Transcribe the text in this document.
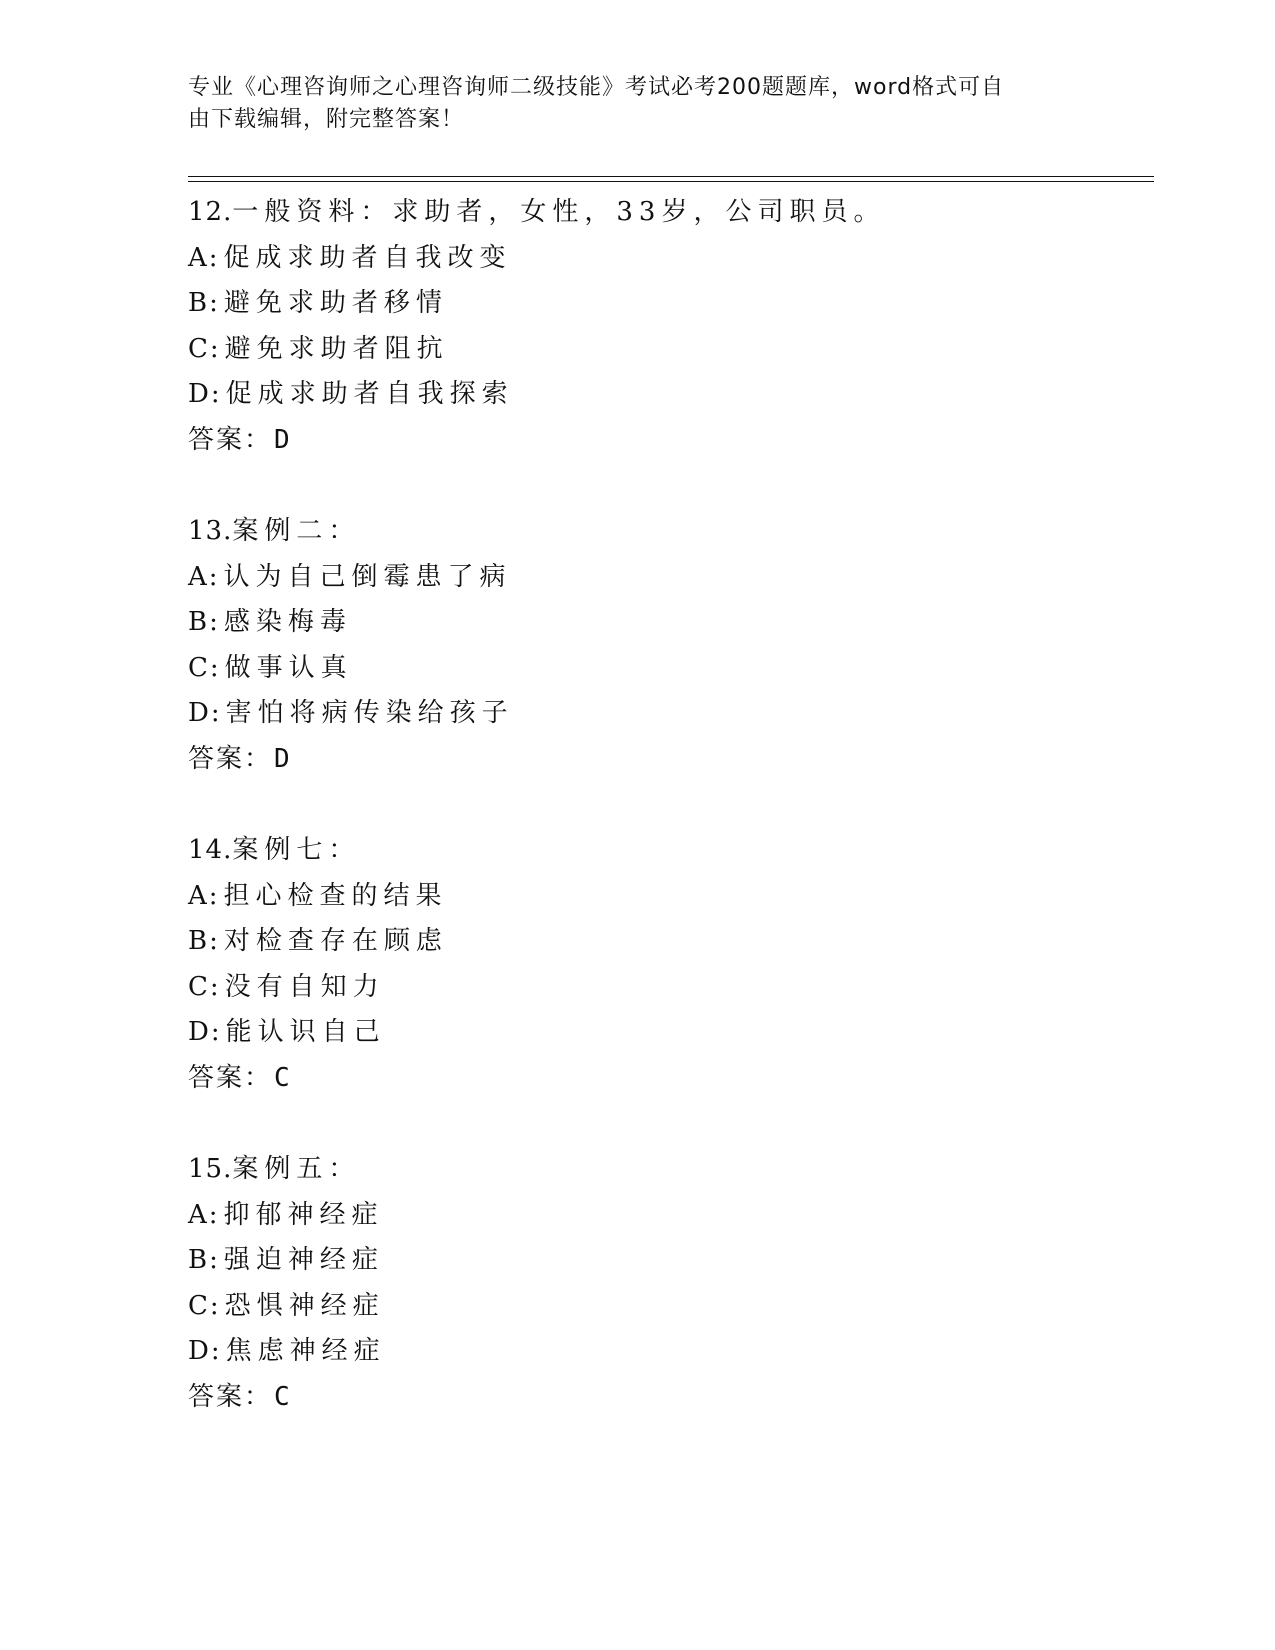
专业《心理咨询师之心理咨询师二级技能》考试必考200题题库，word格式可自
由下载编辑，附完整答案！
12.一般资料：求助者，女性，33岁，公司职员。
A: 促成求助者自我改变
B: 避免求助者移情
C: 避免求助者阻抗
D: 促成求助者自我探索
答案：D
13.案例二：
A: 认为自己倒霉患了病
B: 感染梅毒
C: 做事认真
D: 害怕将病传染给孩子
答案：D
14.案例七：
A: 担心检查的结果
B: 对检查存在顾虑
C: 没有自知力
D: 能认识自己
答案：C
15.案例五：
A: 抑郁神经症
B: 强迫神经症
C: 恐惧神经症
D: 焦虑神经症
答案：C
